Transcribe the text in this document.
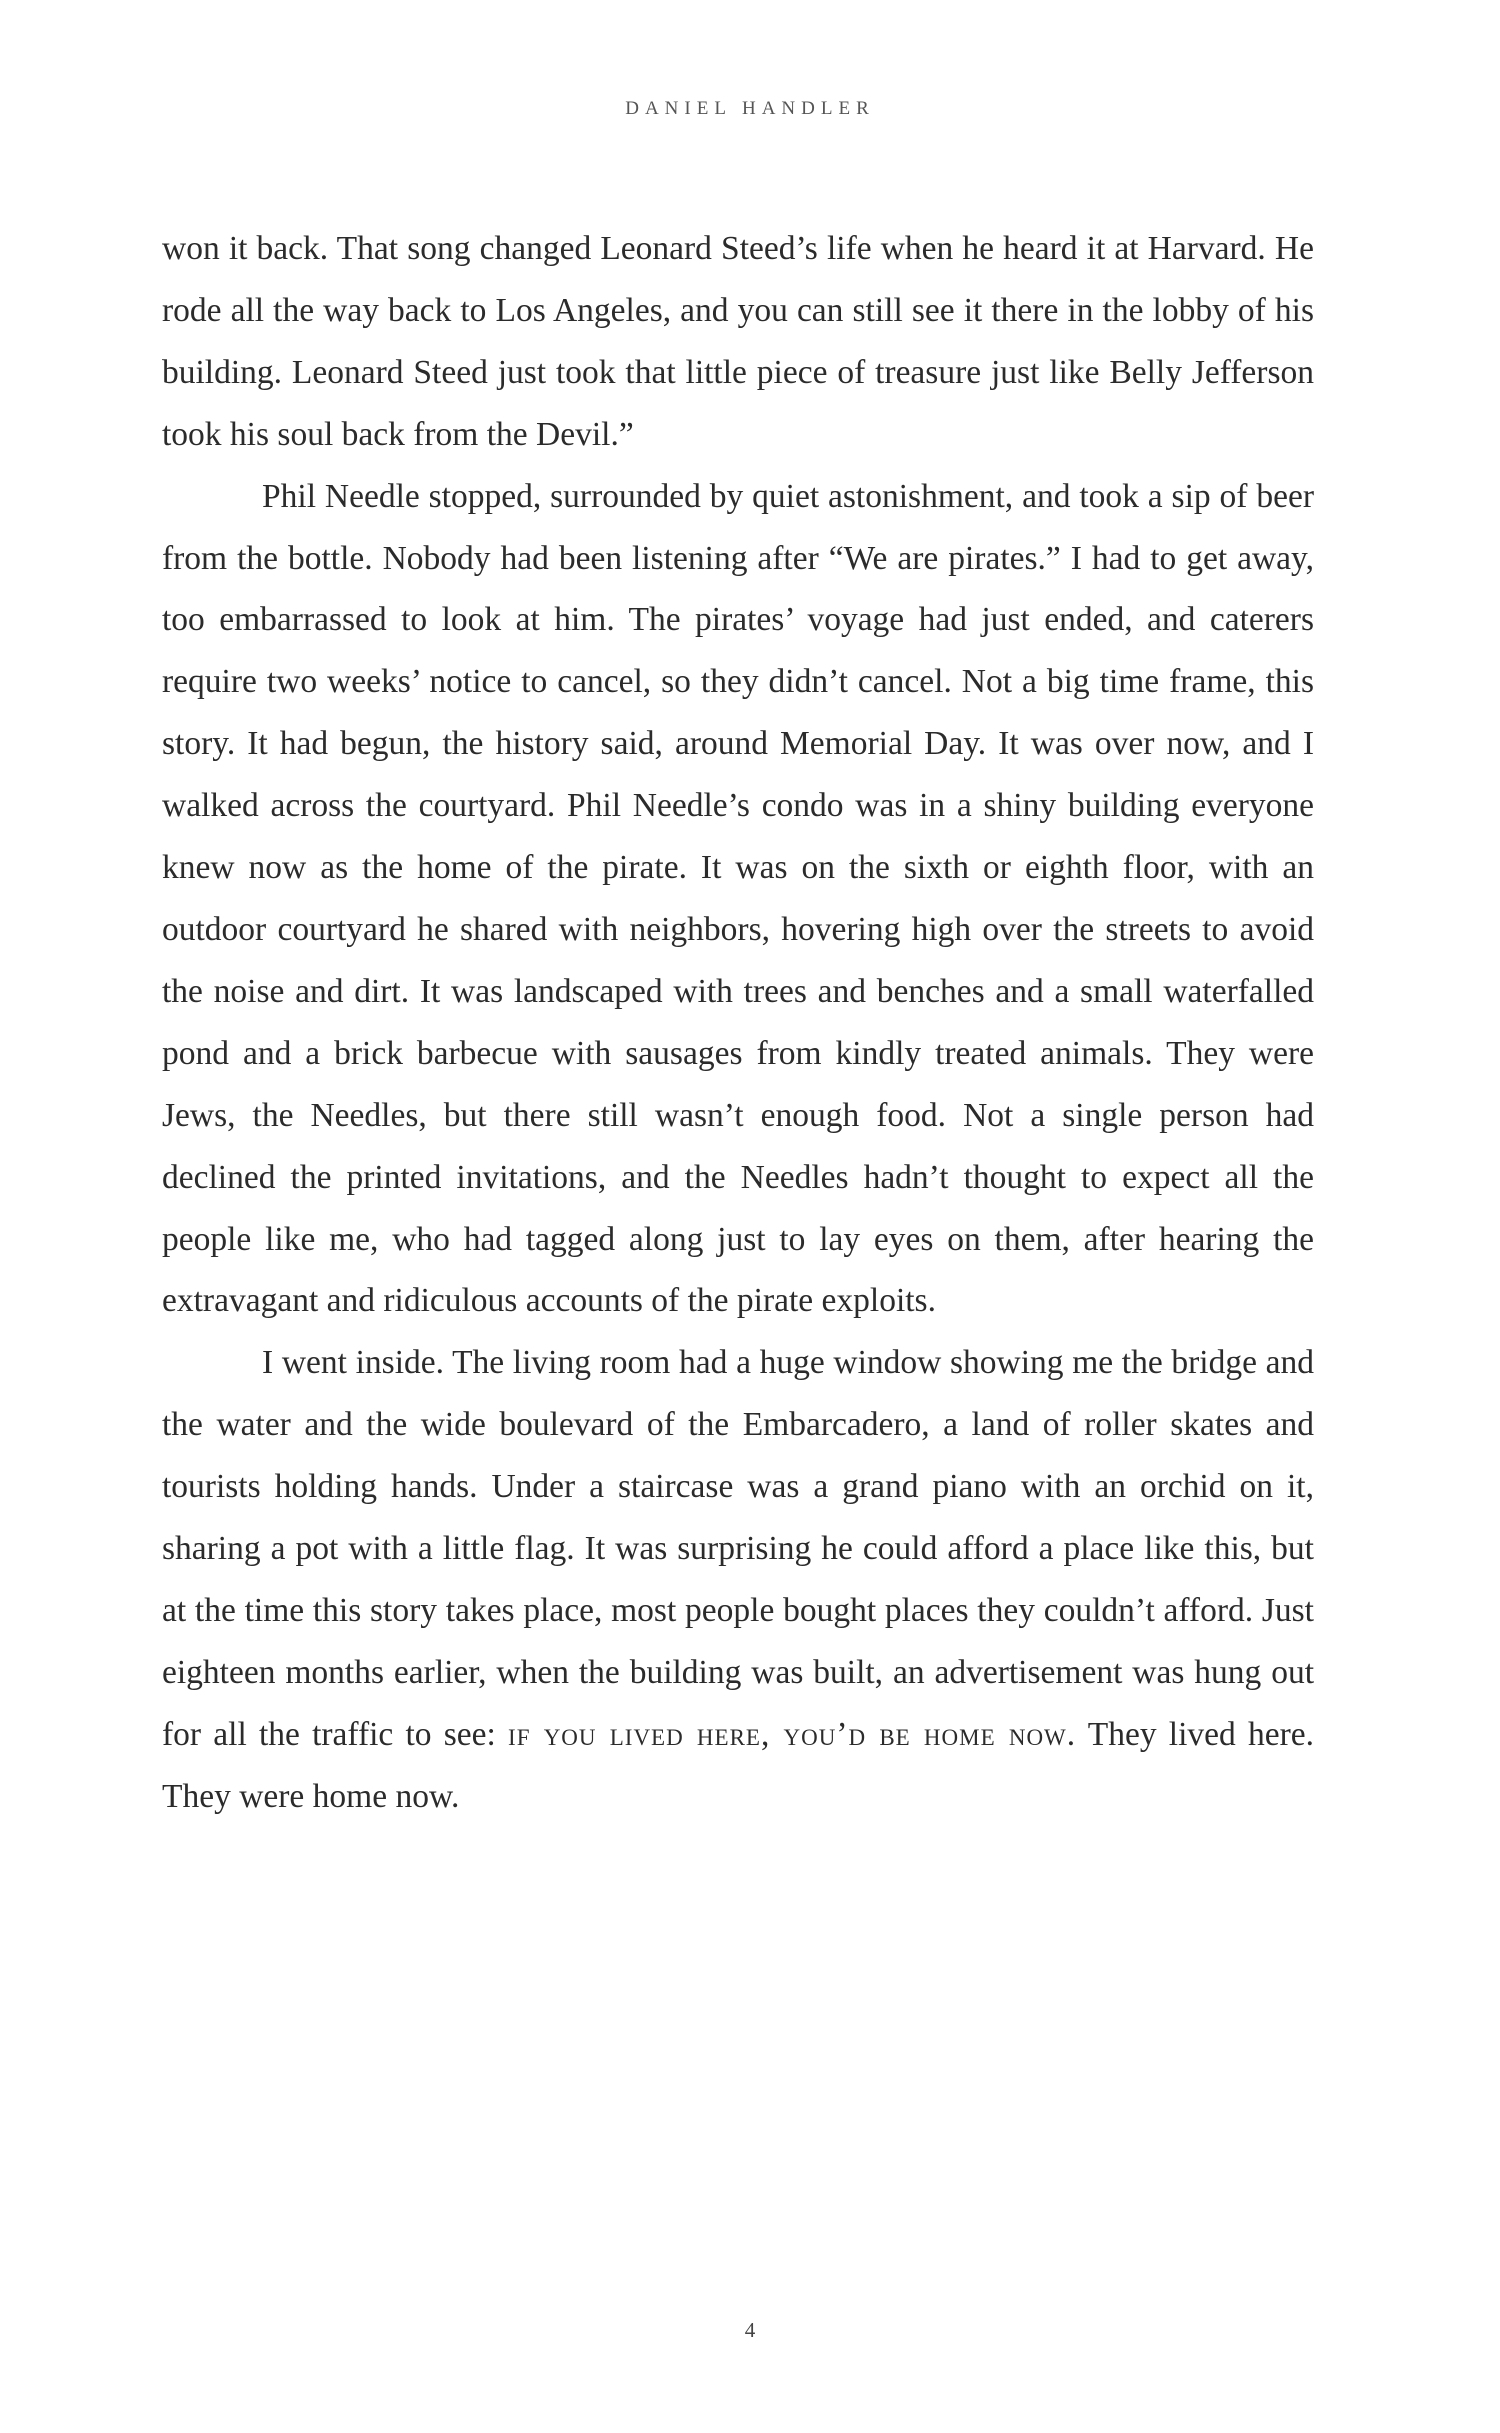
DANIEL HANDLER

won it back. That song changed Leonard Steed’s life when he heard it at Harvard. He rode all the way back to Los Angeles, and you can still see it there in the lobby of his building. Leonard Steed just took that little piece of treasure just like Belly Jefferson took his soul back from the Devil.”

Phil Needle stopped, surrounded by quiet astonishment, and took a sip of beer from the bottle. Nobody had been listening after “We are pirates.” I had to get away, too embarrassed to look at him. The pirates’ voyage had just ended, and caterers require two weeks’ notice to cancel, so they didn’t cancel. Not a big time frame, this story. It had begun, the history said, around Memorial Day. It was over now, and I walked across the courtyard. Phil Needle’s condo was in a shiny building everyone knew now as the home of the pirate. It was on the sixth or eighth floor, with an outdoor courtyard he shared with neighbors, hovering high over the streets to avoid the noise and dirt. It was landscaped with trees and benches and a small waterfalled pond and a brick barbecue with sausages from kindly treated animals. They were Jews, the Needles, but there still wasn’t enough food. Not a single person had declined the printed invitations, and the Needles hadn’t thought to expect all the people like me, who had tagged along just to lay eyes on them, after hearing the extravagant and ridiculous accounts of the pirate exploits.

I went inside. The living room had a huge window showing me the bridge and the water and the wide boulevard of the Embarcadero, a land of roller skates and tourists holding hands. Under a staircase was a grand piano with an orchid on it, sharing a pot with a little flag. It was surprising he could afford a place like this, but at the time this story takes place, most people bought places they couldn’t afford. Just eighteen months earlier, when the building was built, an advertisement was hung out for all the traffic to see: if you lived here, you’d be home now. They lived here. They were home now.

4
